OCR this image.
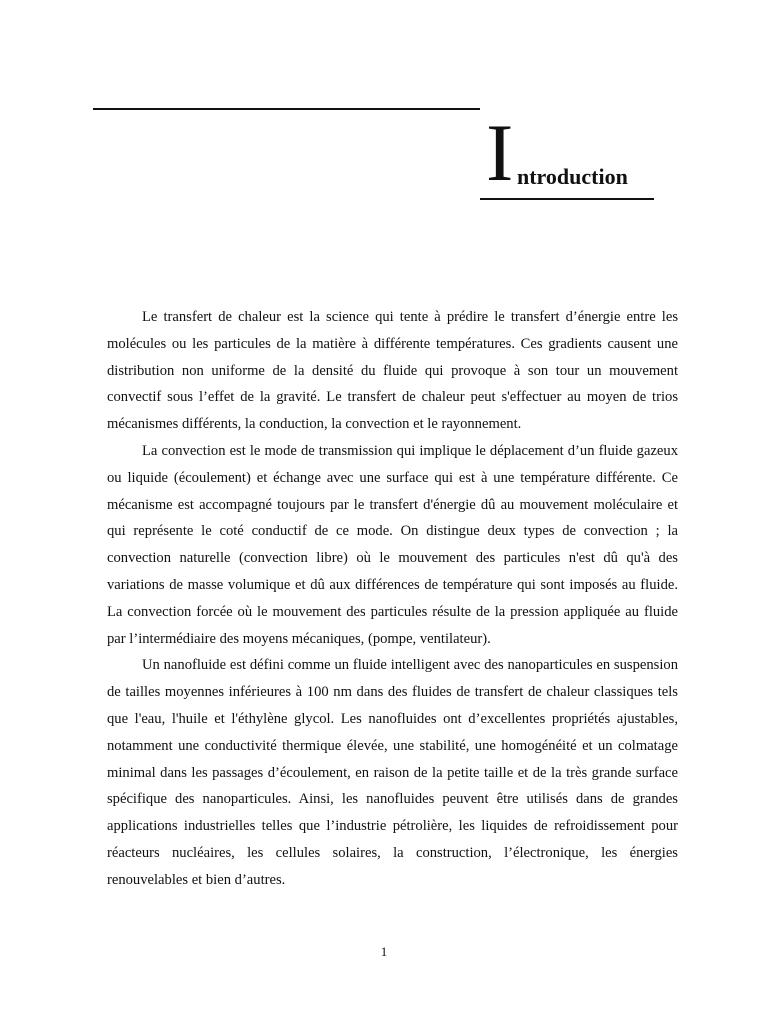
I ntroduction

Le transfert de chaleur est la science qui tente à prédire le transfert d’énergie entre les molécules ou les particules de la matière à différente températures. Ces gradients causent une distribution non uniforme de la densité du fluide qui provoque à son tour un mouvement convectif sous l’effet de la gravité. Le transfert de chaleur peut s'effectuer au moyen de trios mécanismes différents, la conduction, la convection et le rayonnement.

La convection est le mode de transmission qui implique le déplacement d’un fluide gazeux ou liquide (écoulement) et échange avec une surface qui est à une température différente. Ce mécanisme est accompagné toujours par le transfert d'énergie dû au mouvement moléculaire et qui représente le coté conductif de ce mode. On distingue deux types de convection ; la convection naturelle (convection libre) où le mouvement des particules n'est dû qu'à des variations de masse volumique et dû aux différences de température qui sont imposés au fluide. La convection forcée où le mouvement des particules résulte de la pression appliquée au fluide par l’intermédiaire des moyens mécaniques, (pompe, ventilateur).

Un nanofluide est défini comme un fluide intelligent avec des nanoparticules en suspension de tailles moyennes inférieures à 100 nm dans des fluides de transfert de chaleur classiques tels que l'eau, l'huile et l'éthylène glycol. Les nanofluides ont d’excellentes propriétés ajustables, notamment une conductivité thermique élevée, une stabilité, une homogénéité et un colmatage minimal dans les passages d’écoulement, en raison de la petite taille et de la très grande surface spécifique des nanoparticules. Ainsi, les nanofluides peuvent être utilisés dans de grandes applications industrielles telles que l’industrie pétrolière, les liquides de refroidissement pour réacteurs nucléaires, les cellules solaires, la construction, l’électronique, les énergies renouvelables et bien d’autres.

1
